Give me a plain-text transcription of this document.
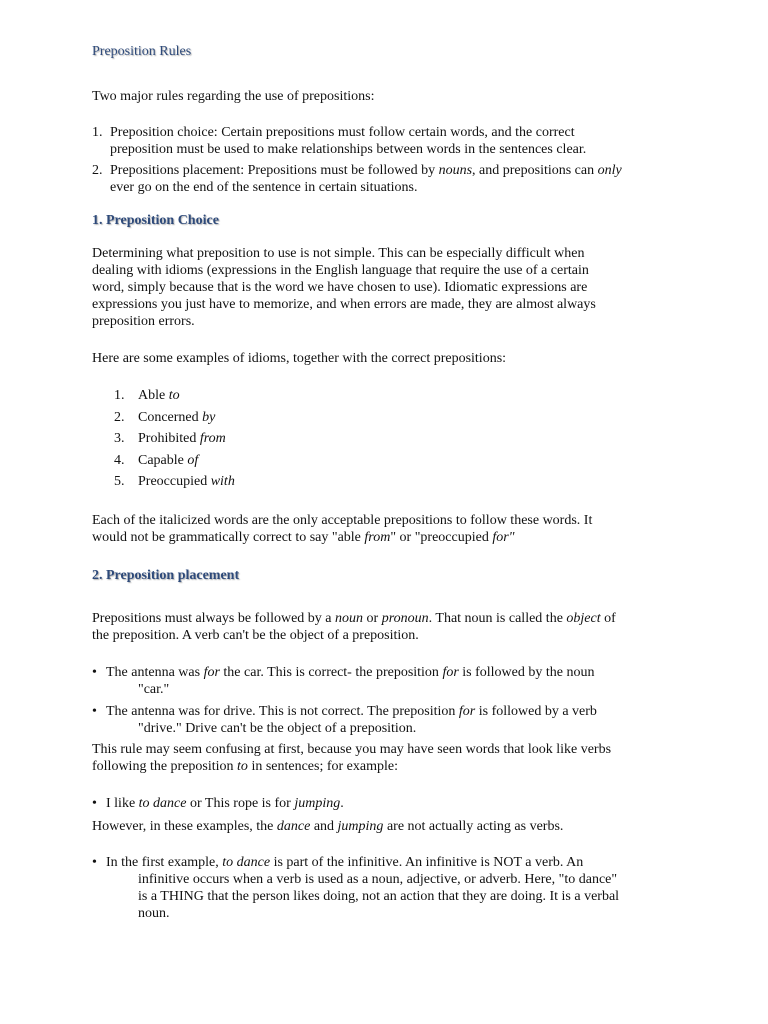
Preposition Rules
Two major rules regarding the use of prepositions:
1. Preposition choice: Certain prepositions must follow certain words, and the correct
preposition must be used to make relationships between words in the sentences clear.
2. Prepositions placement: Prepositions must be followed by nouns, and prepositions can only
ever go on the end of the sentence in certain situations.
1. Preposition Choice
Determining what preposition to use is not simple. This can be especially difficult when
dealing with idioms (expressions in the English language that require the use of a certain
word, simply because that is the word we have chosen to use). Idiomatic expressions are
expressions you just have to memorize, and when errors are made, they are almost always
preposition errors.
Here are some examples of idioms, together with the correct prepositions:
1. Able to
2. Concerned by
3. Prohibited from
4. Capable of
5. Preoccupied with
Each of the italicized words are the only acceptable prepositions to follow these words. It
would not be grammatically correct to say "able from" or "preoccupied for"
2. Preposition placement
Prepositions must always be followed by a noun or pronoun. That noun is called the object of
the preposition. A verb can't be the object of a preposition.
• The antenna was for the car. This is correct- the preposition for is followed by the noun
"car."
• The antenna was for drive. This is not correct. The preposition for is followed by a verb
"drive." Drive can't be the object of a preposition.
This rule may seem confusing at first, because you may have seen words that look like verbs
following the preposition to in sentences; for example:
• I like to dance or This rope is for jumping.
However, in these examples, the dance and jumping are not actually acting as verbs.
• In the first example, to dance is part of the infinitive. An infinitive is NOT a verb. An
infinitive occurs when a verb is used as a noun, adjective, or adverb. Here, "to dance"
is a THING that the person likes doing, not an action that they are doing. It is a verbal
noun.
